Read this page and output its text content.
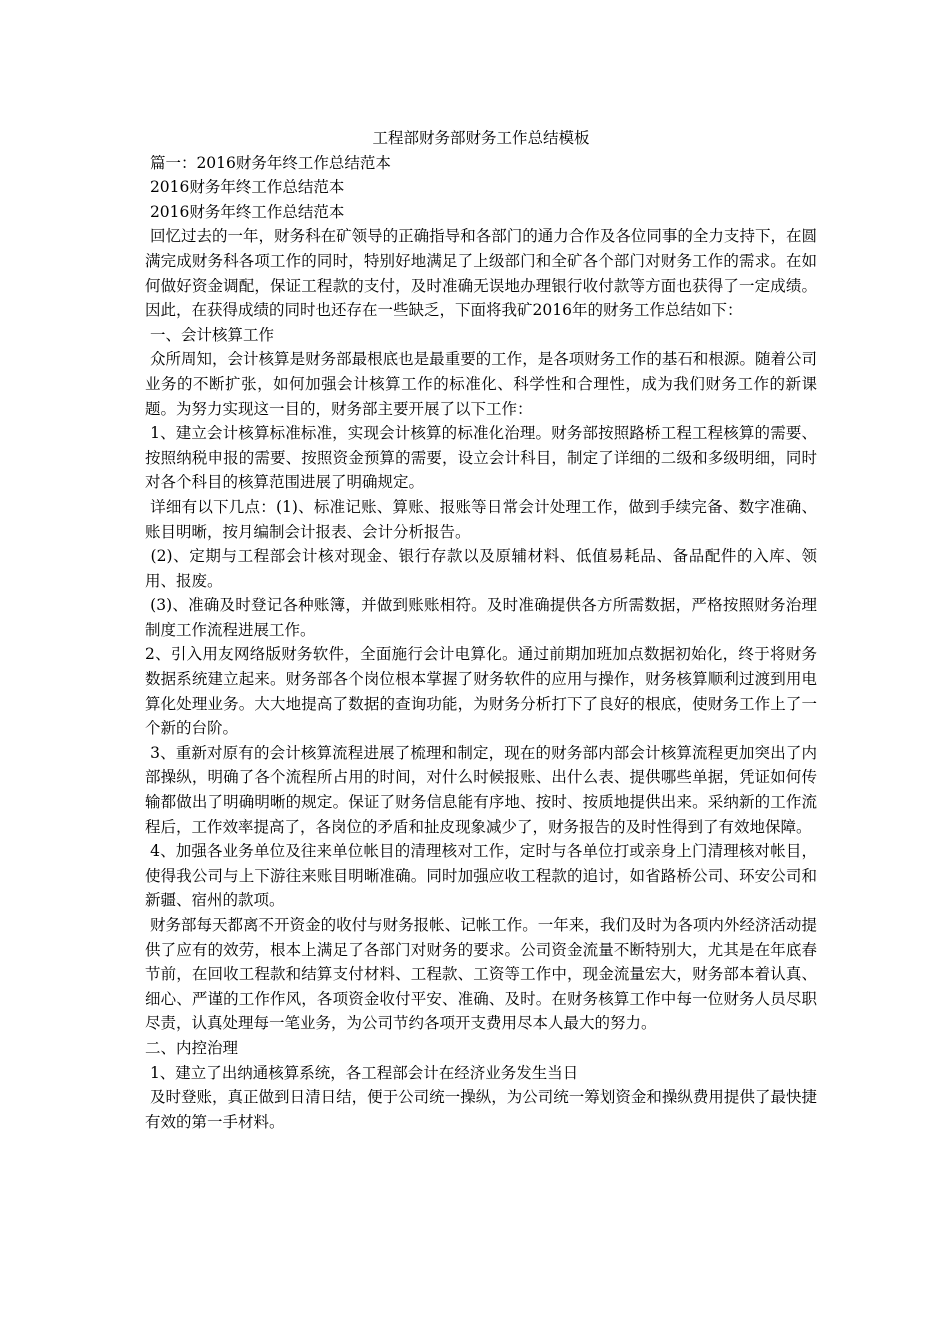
工程部财务部财务工作总结模板

篇一：2016财务年终工作总结范本

2016财务年终工作总结范本

2016财务年终工作总结范本

回忆过去的一年，财务科在矿领导的正确指导和各部门的通力合作及各位同事的全力支持下，在圆满完成财务科各项工作的同时，特别好地满足了上级部门和全矿各个部门对财务工作的需求。在如何做好资金调配，保证工程款的支付，及时准确无误地办理银行收付款等方面也获得了一定成绩。因此，在获得成绩的同时也还存在一些缺乏，下面将我矿2016年的财务工作总结如下：

一、会计核算工作

众所周知，会计核算是财务部最根底也是最重要的工作，是各项财务工作的基石和根源。随着公司业务的不断扩张，如何加强会计核算工作的标准化、科学性和合理性，成为我们财务工作的新课题。为努力实现这一目的，财务部主要开展了以下工作：

1、建立会计核算标准标准，实现会计核算的标准化治理。财务部按照路桥工程工程核算的需要、按照纳税申报的需要、按照资金预算的需要，设立会计科目，制定了详细的二级和多级明细，同时对各个科目的核算范围进展了明确规定。

详细有以下几点：(1)、标准记账、算账、报账等日常会计处理工作，做到手续完备、数字准确、账目明晰，按月编制会计报表、会计分析报告。

(2)、定期与工程部会计核对现金、银行存款以及原辅材料、低值易耗品、备品配件的入库、领用、报废。

(3)、准确及时登记各种账簿，并做到账账相符。及时准确提供各方所需数据，严格按照财务治理制度工作流程进展工作。

2、引入用友网络版财务软件，全面施行会计电算化。通过前期加班加点数据初始化，终于将财务数据系统建立起来。财务部各个岗位根本掌握了财务软件的应用与操作，财务核算顺利过渡到用电算化处理业务。大大地提高了数据的查询功能，为财务分析打下了良好的根底，使财务工作上了一个新的台阶。

3、重新对原有的会计核算流程进展了梳理和制定，现在的财务部内部会计核算流程更加突出了内部操纵，明确了各个流程所占用的时间，对什么时候报账、出什么表、提供哪些单据，凭证如何传输都做出了明确明晰的规定。保证了财务信息能有序地、按时、按质地提供出来。采纳新的工作流程后，工作效率提高了，各岗位的矛盾和扯皮现象减少了，财务报告的及时性得到了有效地保障。

4、加强各业务单位及往来单位帐目的清理核对工作，定时与各单位打或亲身上门清理核对帐目，使得我公司与上下游往来账目明晰准确。同时加强应收工程款的追讨，如省路桥公司、环安公司和新疆、宿州的款项。

财务部每天都离不开资金的收付与财务报帐、记帐工作。一年来，我们及时为各项内外经济活动提供了应有的效劳，根本上满足了各部门对财务的要求。公司资金流量不断特别大，尤其是在年底春节前，在回收工程款和结算支付材料、工程款、工资等工作中，现金流量宏大，财务部本着认真、细心、严谨的工作作风，各项资金收付平安、准确、及时。在财务核算工作中每一位财务人员尽职尽责，认真处理每一笔业务，为公司节约各项开支费用尽本人最大的努力。

二、内控治理

1、建立了出纳通核算系统，各工程部会计在经济业务发生当日

及时登账，真正做到日清日结，便于公司统一操纵，为公司统一筹划资金和操纵费用提供了最快捷有效的第一手材料。
